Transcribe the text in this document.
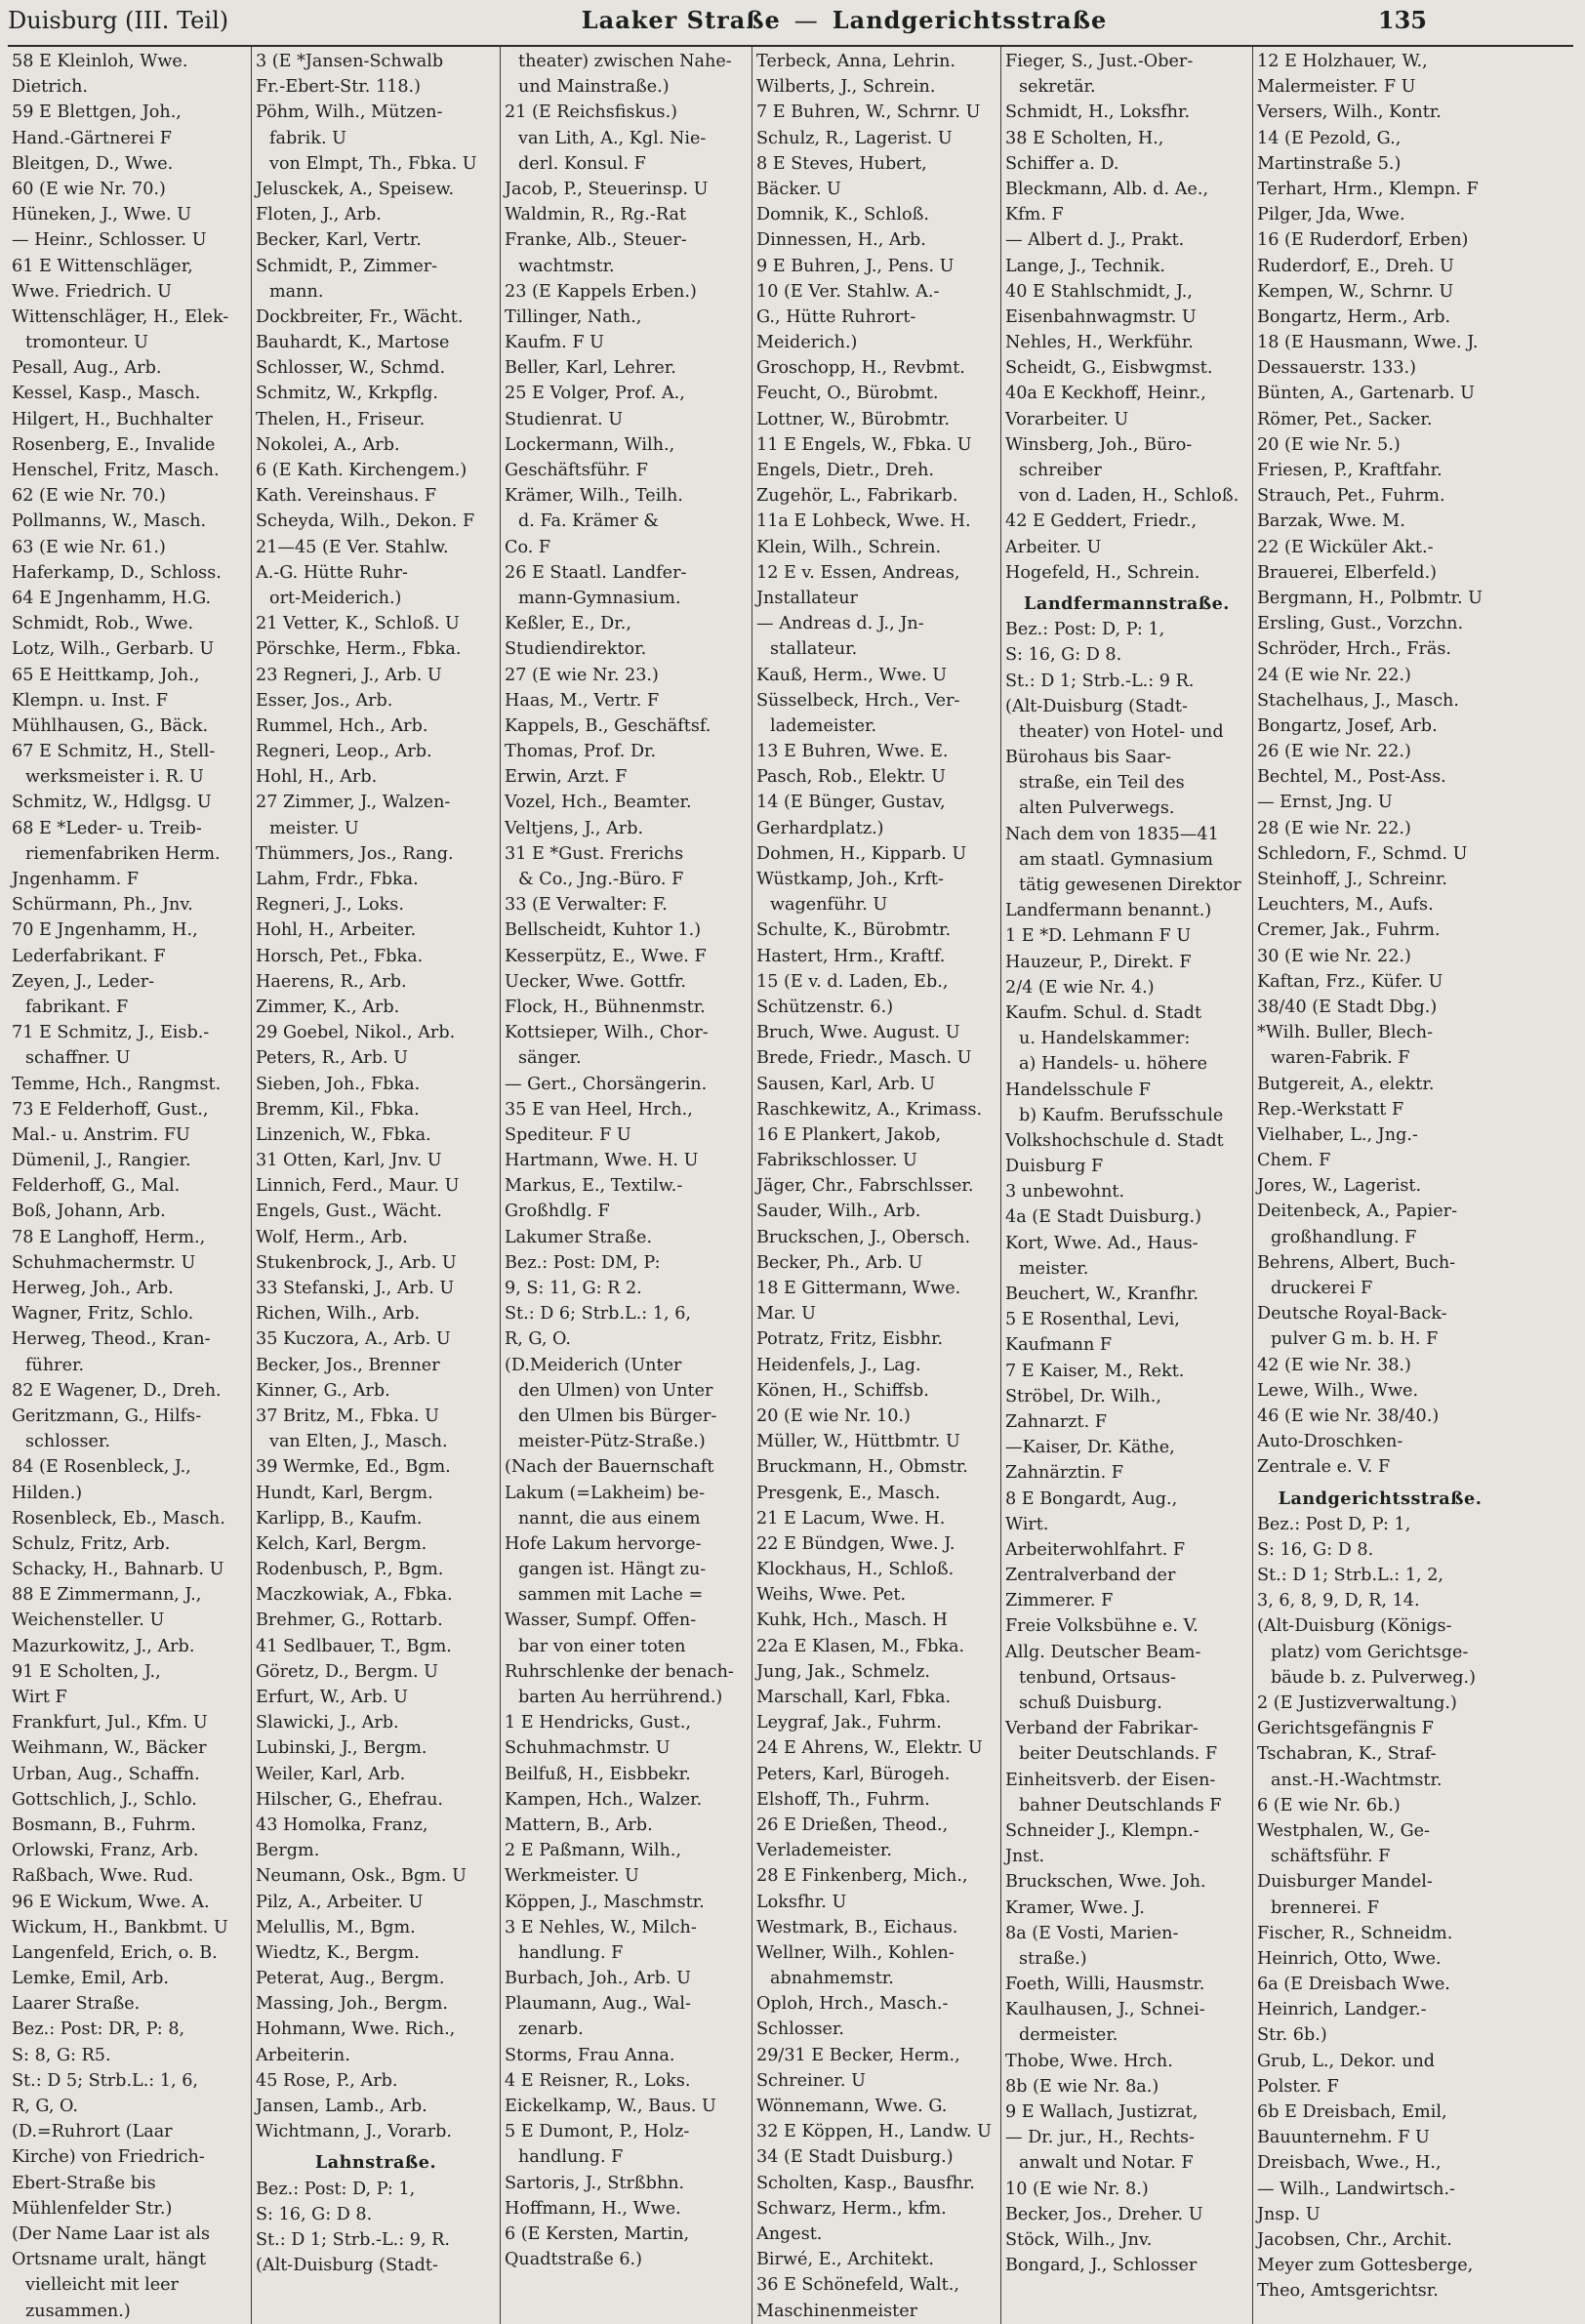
Duisburg (III. Teil)	Laaker Straße — Landgerichtsstraße	135
58 E Kleinloh, Wwe.
Dietrich.
59 E Blettgen, Joh.,
Hand.-Gärtnerei F
Bleitgen, D., Wwe.
60 (E wie Nr. 70.)
Hüneken, J., Wwe. U
— Heinr., Schlosser. U
61 E Wittenschläger,
Wwe. Friedrich. U
Wittenschläger, H., Elek-
tromonteur. U
Pesall, Aug., Arb.
Kessel, Kasp., Masch.
Hilgert, H., Buchhalter
Rosenberg, E., Invalide
Henschel, Fritz, Masch.
62 (E wie Nr. 70.)
Pollmanns, W., Masch.
63 (E wie Nr. 61.)
Haferkamp, D., Schloss.
64 E Jngenhamm, H.G.
Schmidt, Rob., Wwe.
Lotz, Wilh., Gerbarb. U
65 E Heittkamp, Joh.,
Klempn. u. Inst. F
Mühlhausen, G., Bäck.
67 E Schmitz, H., Stell-
werksmeister i. R. U
Schmitz, W., Hdlgsg. U
68 E *Leder- u. Treib-
riemenfabriken Herm.
Jngenhamm. F
Schürmann, Ph., Jnv.
70 E Jngenhamm, H.,
Lederfabrikant. F
Zeyen, J., Leder-
fabrikant. F
71 E Schmitz, J., Eisb.-
schaffner. U
Temme, Hch., Rangmst.
73 E Felderhoff, Gust.,
Mal.- u. Anstrim. FU
Dümenil, J., Rangier.
Felderhoff, G., Mal.
Boß, Johann, Arb.
78 E Langhoff, Herm.,
Schuhmachermstr. U
Herweg, Joh., Arb.
Wagner, Fritz, Schlo.
Herweg, Theod., Kran-
führer.
82 E Wagener, D., Dreh.
Geritzmann, G., Hilfs-
schlosser.
84 (E Rosenbleck, J.,
Hilden.)
Rosenbleck, Eb., Masch.
Schulz, Fritz, Arb.
Schacky, H., Bahnarb. U
88 E Zimmermann, J.,
Weichensteller. U
Mazurkowitz, J., Arb.
91 E Scholten, J.,
Wirt F
Frankfurt, Jul., Kfm. U
Weihmann, W., Bäcker
Urban, Aug., Schaffn.
Gottschlich, J., Schlo.
Bosmann, B., Fuhrm.
Orlowski, Franz, Arb.
Raßbach, Wwe. Rud.
96 E Wickum, Wwe. A.
Wickum, H., Bankbmt. U
Langenfeld, Erich, o. B.
Lemke, Emil, Arb.
Laarer Straße.
Bez.: Post: DR, P: 8,
S: 8, G: R5.
St.: D 5; Strb.L.: 1, 6,
R, G, O.
(D.=Ruhrort (Laar
Kirche) von Friedrich-
Ebert-Straße bis
Mühlenfelder Str.)
(Der Name Laar ist als
Ortsname uralt, hängt
vielleicht mit leer
zusammen.)
3 (E *Jansen-Schwalb
Fr.-Ebert-Str. 118.)
Pöhm, Wilh., Mützen-
fabrik. U
von Elmpt, Th., Fbka. U
Jelusckek, A., Speisew.
Floten, J., Arb.
Becker, Karl, Vertr.
Schmidt, P., Zimmer-
mann.
Dockbreiter, Fr., Wächt.
Bauhardt, K., Martose
Schlosser, W., Schmd.
Schmitz, W., Krkpflg.
Thelen, H., Friseur.
Nokolei, A., Arb.
6 (E Kath. Kirchengem.)
Kath. Vereinshaus. F
Scheyda, Wilh., Dekon. F
21—45 (E Ver. Stahlw.
A.-G. Hütte Ruhr-
ort-Meiderich.)
21 Vetter, K., Schloß. U
Pörschke, Herm., Fbka.
23 Regneri, J., Arb. U
Esser, Jos., Arb.
Rummel, Hch., Arb.
Regneri, Leop., Arb.
Hohl, H., Arb.
27 Zimmer, J., Walzen-
meister. U
Thümmers, Jos., Rang.
Lahm, Frdr., Fbka.
Regneri, J., Loks.
Hohl, H., Arbeiter.
Horsch, Pet., Fbka.
Haerens, R., Arb.
Zimmer, K., Arb.
29 Goebel, Nikol., Arb.
Peters, R., Arb. U
Sieben, Joh., Fbka.
Bremm, Kil., Fbka.
Linzenich, W., Fbka.
31 Otten, Karl, Jnv. U
Linnich, Ferd., Maur. U
Engels, Gust., Wächt.
Wolf, Herm., Arb.
Stukenbrock, J., Arb. U
33 Stefanski, J., Arb. U
Richen, Wilh., Arb.
35 Kuczora, A., Arb. U
Becker, Jos., Brenner
Kinner, G., Arb.
37 Britz, M., Fbka. U
van Elten, J., Masch.
39 Wermke, Ed., Bgm.
Hundt, Karl, Bergm.
Karlipp, B., Kaufm.
Kelch, Karl, Bergm.
Rodenbusch, P., Bgm.
Maczkowiak, A., Fbka.
Brehmer, G., Rottarb.
41 Sedlbauer, T., Bgm.
Göretz, D., Bergm. U
Erfurt, W., Arb. U
Slawicki, J., Arb.
Lubinski, J., Bergm.
Weiler, Karl, Arb.
Hilscher, G., Ehefrau.
43 Homolka, Franz,
Bergm.
Neumann, Osk., Bgm. U
Pilz, A., Arbeiter. U
Melullis, M., Bgm.
Wiedtz, K., Bergm.
Peterat, Aug., Bergm.
Massing, Joh., Bergm.
Hohmann, Wwe. Rich.,
Arbeiterin.
45 Rose, P., Arb.
Jansen, Lamb., Arb.
Wichtmann, J., Vorarb.
Lahnstraße.
Bez.: Post: D, P: 1,
S: 16, G: D 8.
St.: D 1; Strb.-L.: 9, R.
(Alt-Duisburg (Stadt-
theater) zwischen Nahe-
und Mainstraße.)
21 (E Reichsfiskus.)
van Lith, A., Kgl. Nie-
derl. Konsul. F
Jacob, P., Steuerinsp. U
Waldmin, R., Rg.-Rat
Franke, Alb., Steuer-
wachtmstr.
23 (E Kappels Erben.)
Tillinger, Nath.,
Kaufm. F U
Beller, Karl, Lehrer.
25 E Volger, Prof. A.,
Studienrat. U
Lockermann, Wilh.,
Geschäftsführ. F
Krämer, Wilh., Teilh.
d. Fa. Krämer &
Co. F
26 E Staatl. Landfer-
mann-Gymnasium.
Keßler, E., Dr.,
Studiendirektor.
27 (E wie Nr. 23.)
Haas, M., Vertr. F
Kappels, B., Geschäftsf.
Thomas, Prof. Dr.
Erwin, Arzt. F
Vozel, Hch., Beamter.
Veltjens, J., Arb.
31 E *Gust. Frerichs
& Co., Jng.-Büro. F
33 (E Verwalter: F.
Bellscheidt, Kuhtor 1.)
Kesserpütz, E., Wwe. F
Uecker, Wwe. Gottfr.
Flock, H., Bühnenmstr.
Kottsieper, Wilh., Chor-
sänger.
— Gert., Chorsängerin.
35 E van Heel, Hrch.,
Spediteur. F U
Hartmann, Wwe. H. U
Markus, E., Textilw.-
Großhdlg. F
Lakumer Straße.
Bez.: Post: DM, P:
9, S: 11, G: R 2.
St.: D 6; Strb.L.: 1, 6,
R, G, O.
(D.Meiderich (Unter
den Ulmen) von Unter
den Ulmen bis Bürger-
meister-Pütz-Straße.)
(Nach der Bauernschaft
Lakum (=Lakheim) be-
nannt, die aus einem
Hofe Lakum hervorge-
gangen ist. Hängt zu-
sammen mit Lache =
Wasser, Sumpf. Offen-
bar von einer toten
Ruhrschlenke der benach-
barten Au herrührend.)
1 E Hendricks, Gust.,
Schuhmachmstr. U
Beilfuß, H., Eisbbekr.
Kampen, Hch., Walzer.
Mattern, B., Arb.
2 E Paßmann, Wilh.,
Werkmeister. U
Köppen, J., Maschmstr.
3 E Nehles, W., Milch-
handlung. F
Burbach, Joh., Arb. U
Plaumann, Aug., Wal-
zenarb.
Storms, Frau Anna.
4 E Reisner, R., Loks.
Eickelkamp, W., Baus. U
5 E Dumont, P., Holz-
handlung. F
Sartoris, J., Strßbhn.
Hoffmann, H., Wwe.
6 (E Kersten, Martin,
Quadtstraße 6.)
Terbeck, Anna, Lehrin.
Wilberts, J., Schrein.
7 E Buhren, W., Schrnr. U
Schulz, R., Lagerist. U
8 E Steves, Hubert,
Bäcker. U
Domnik, K., Schloß.
Dinnessen, H., Arb.
9 E Buhren, J., Pens. U
10 (E Ver. Stahlw. A.-
G., Hütte Ruhrort-
Meiderich.)
Groschopp, H., Revbmt.
Feucht, O., Bürobmt.
Lottner, W., Bürobmtr.
11 E Engels, W., Fbka. U
Engels, Dietr., Dreh.
Zugehör, L., Fabrikarb.
11a E Lohbeck, Wwe. H.
Klein, Wilh., Schrein.
12 E v. Essen, Andreas,
Jnstallateur
— Andreas d. J., Jn-
stallateur.
Kauß, Herm., Wwe. U
Süsselbeck, Hrch., Ver-
lademeister.
13 E Buhren, Wwe. E.
Pasch, Rob., Elektr. U
14 (E Bünger, Gustav,
Gerhardplatz.)
Dohmen, H., Kipparb. U
Wüstkamp, Joh., Krft-
wagenführ. U
Schulte, K., Bürobmtr.
Hastert, Hrm., Kraftf.
15 (E v. d. Laden, Eb.,
Schützenstr. 6.)
Bruch, Wwe. August. U
Brede, Friedr., Masch. U
Sausen, Karl, Arb. U
Raschkewitz, A., Krimass.
16 E Plankert, Jakob,
Fabrikschlosser. U
Jäger, Chr., Fabrschlsser.
Sauder, Wilh., Arb.
Bruckschen, J., Obersch.
Becker, Ph., Arb. U
18 E Gittermann, Wwe.
Mar. U
Potratz, Fritz, Eisbhr.
Heidenfels, J., Lag.
Könen, H., Schiffsb.
20 (E wie Nr. 10.)
Müller, W., Hüttbmtr. U
Bruckmann, H., Obmstr.
Presgenk, E., Masch.
21 E Lacum, Wwe. H.
22 E Bündgen, Wwe. J.
Klockhaus, H., Schloß.
Weihs, Wwe. Pet.
Kuhk, Hch., Masch. H
22a E Klasen, M., Fbka.
Jung, Jak., Schmelz.
Marschall, Karl, Fbka.
Leygraf, Jak., Fuhrm.
24 E Ahrens, W., Elektr. U
Peters, Karl, Bürogeh.
Elshoff, Th., Fuhrm.
26 E Drießen, Theod.,
Verlademeister.
28 E Finkenberg, Mich.,
Loksfhr. U
Westmark, B., Eichaus.
Wellner, Wilh., Kohlen-
abnahmemstr.
Oploh, Hrch., Masch.-
Schlosser.
29/31 E Becker, Herm.,
Schreiner. U
Wönnemann, Wwe. G.
32 E Köppen, H., Landw. U
34 (E Stadt Duisburg.)
Scholten, Kasp., Bausfhr.
Schwarz, Herm., kfm.
Angest.
Birwé, E., Architekt.
36 E Schönefeld, Walt.,
Maschinenmeister
Fieger, S., Just.-Ober-
sekretär.
Schmidt, H., Loksfhr.
38 E Scholten, H.,
Schiffer a. D.
Bleckmann, Alb. d. Ae.,
Kfm. F
— Albert d. J., Prakt.
Lange, J., Technik.
40 E Stahlschmidt, J.,
Eisenbahnwagmstr. U
Nehles, H., Werkführ.
Scheidt, G., Eisbwgmst.
40a E Keckhoff, Heinr.,
Vorarbeiter. U
Winsberg, Joh., Büro-
schreiber
von d. Laden, H., Schloß.
42 E Geddert, Friedr.,
Arbeiter. U
Hogefeld, H., Schrein.
Landfermannstraße.
Bez.: Post: D, P: 1,
S: 16, G: D 8.
St.: D 1; Strb.-L.: 9 R.
(Alt-Duisburg (Stadt-
theater) von Hotel- und
Bürohaus bis Saar-
straße, ein Teil des
alten Pulverwegs.
Nach dem von 1835—41
am staatl. Gymnasium
tätig gewesenen Direktor
Landfermann benannt.)
1 E *D. Lehmann F U
Hauzeur, P., Direkt. F
2/4 (E wie Nr. 4.)
Kaufm. Schul. d. Stadt
u. Handelskammer:
a) Handels- u. höhere
Handelsschule F
b) Kaufm. Berufsschule
Volkshochschule d. Stadt
Duisburg F
3 unbewohnt.
4a (E Stadt Duisburg.)
Kort, Wwe. Ad., Haus-
meister.
Beuchert, W., Kranfhr.
5 E Rosenthal, Levi,
Kaufmann F
7 E Kaiser, M., Rekt.
Ströbel, Dr. Wilh.,
Zahnarzt. F
—Kaiser, Dr. Käthe,
Zahnärztin. F
8 E Bongardt, Aug.,
Wirt.
Arbeiterwohlfahrt. F
Zentralverband der
Zimmerer. F
Freie Volksbühne e. V.
Allg. Deutscher Beam-
tenbund, Ortsaus-
schuß Duisburg.
Verband der Fabrikar-
beiter Deutschlands. F
Einheitsverb. der Eisen-
bahner Deutschlands F
Schneider J., Klempn.-
Jnst.
Bruckschen, Wwe. Joh.
Kramer, Wwe. J.
8a (E Vosti, Marien-
straße.)
Foeth, Willi, Hausmstr.
Kaulhausen, J., Schnei-
dermeister.
Thobe, Wwe. Hrch.
8b (E wie Nr. 8a.)
9 E Wallach, Justizrat,
— Dr. jur., H., Rechts-
anwalt und Notar. F
10 (E wie Nr. 8.)
Becker, Jos., Dreher. U
Stöck, Wilh., Jnv.
Bongard, J., Schlosser
12 E Holzhauer, W.,
Malermeister. F U
Versers, Wilh., Kontr.
14 (E Pezold, G.,
Martinstraße 5.)
Terhart, Hrm., Klempn. F
Pilger, Jda, Wwe.
16 (E Ruderdorf, Erben)
Ruderdorf, E., Dreh. U
Kempen, W., Schrnr. U
Bongartz, Herm., Arb.
18 (E Hausmann, Wwe. J.
Dessauerstr. 133.)
Bünten, A., Gartenarb. U
Römer, Pet., Sacker.
20 (E wie Nr. 5.)
Friesen, P., Kraftfahr.
Strauch, Pet., Fuhrm.
Barzak, Wwe. M.
22 (E Wicküler Akt.-
Brauerei, Elberfeld.)
Bergmann, H., Polbmtr. U
Ersling, Gust., Vorzchn.
Schröder, Hrch., Fräs.
24 (E wie Nr. 22.)
Stachelhaus, J., Masch.
Bongartz, Josef, Arb.
26 (E wie Nr. 22.)
Bechtel, M., Post-Ass.
— Ernst, Jng. U
28 (E wie Nr. 22.)
Schledorn, F., Schmd. U
Steinhoff, J., Schreinr.
Leuchters, M., Aufs.
Cremer, Jak., Fuhrm.
30 (E wie Nr. 22.)
Kaftan, Frz., Küfer. U
38/40 (E Stadt Dbg.)
*Wilh. Buller, Blech-
waren-Fabrik. F
Butgereit, A., elektr.
Rep.-Werkstatt F
Vielhaber, L., Jng.-
Chem. F
Jores, W., Lagerist.
Deitenbeck, A., Papier-
großhandlung. F
Behrens, Albert, Buch-
druckerei F
Deutsche Royal-Back-
pulver G m. b. H. F
42 (E wie Nr. 38.)
Lewe, Wilh., Wwe.
46 (E wie Nr. 38/40.)
Auto-Droschken-
Zentrale e. V. F
Landgerichtsstraße.
Bez.: Post D, P: 1,
S: 16, G: D 8.
St.: D 1; Strb.L.: 1, 2,
3, 6, 8, 9, D, R, 14.
(Alt-Duisburg (Königs-
platz) vom Gerichtsge-
bäude b. z. Pulverweg.)
2 (E Justizverwaltung.)
Gerichtsgefängnis F
Tschabran, K., Straf-
anst.-H.-Wachtmstr.
6 (E wie Nr. 6b.)
Westphalen, W., Ge-
schäftsführ. F
Duisburger Mandel-
brennerei. F
Fischer, R., Schneidm.
Heinrich, Otto, Wwe.
6a (E Dreisbach Wwe.
Heinrich, Landger.-
Str. 6b.)
Grub, L., Dekor. und
Polster. F
6b E Dreisbach, Emil,
Bauunternehm. F U
Dreisbach, Wwe., H.,
— Wilh., Landwirtsch.-
Jnsp. U
Jacobsen, Chr., Archit.
Meyer zum Gottesberge,
Theo, Amtsgerichtsr.
